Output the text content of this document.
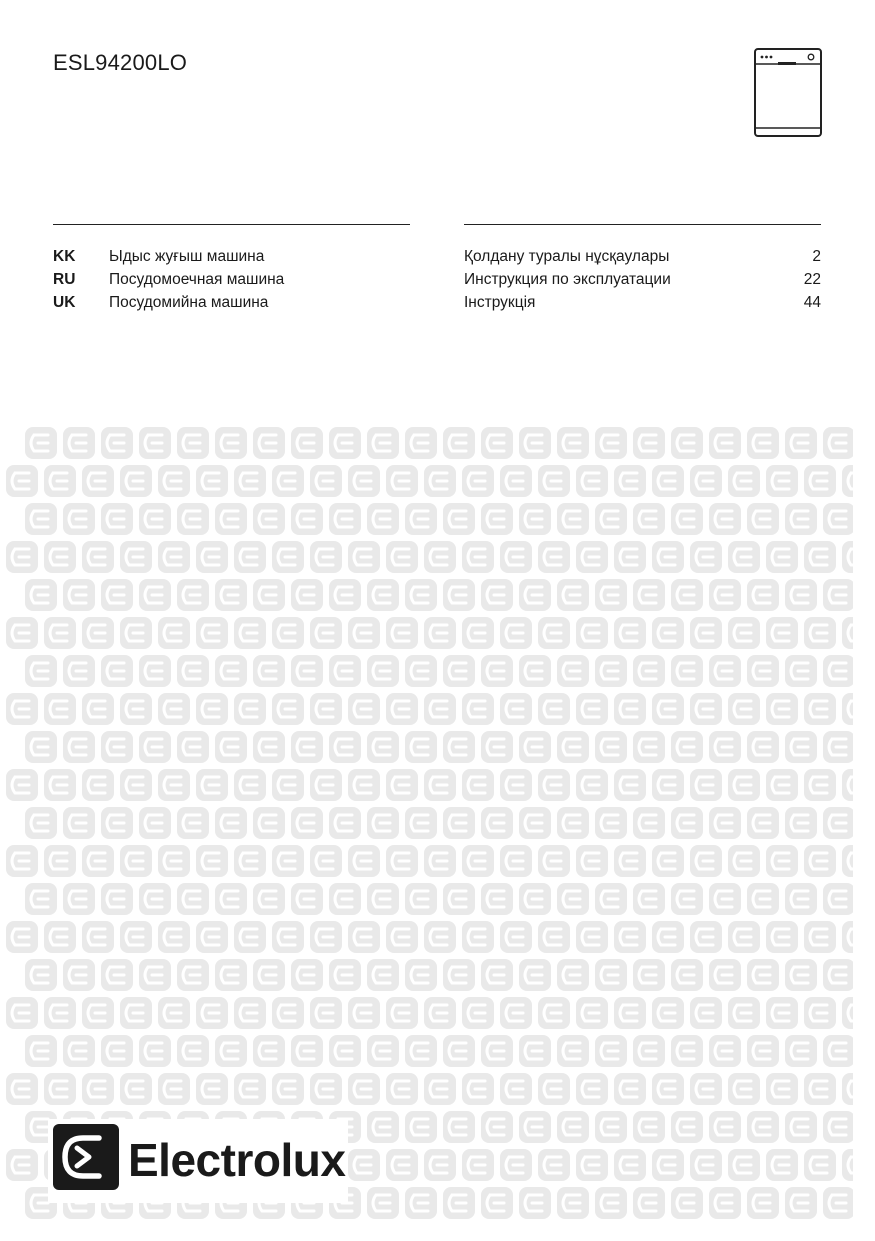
ESL94200LO
KK	Ыдыс жуғыш машина	Қолдану туралы нұсқаулары	2
RU	Посудомоечная машина	Инструкция по эксплуатации	22
UK	Посудомийна машина	Інструкція	44
Electrolux
